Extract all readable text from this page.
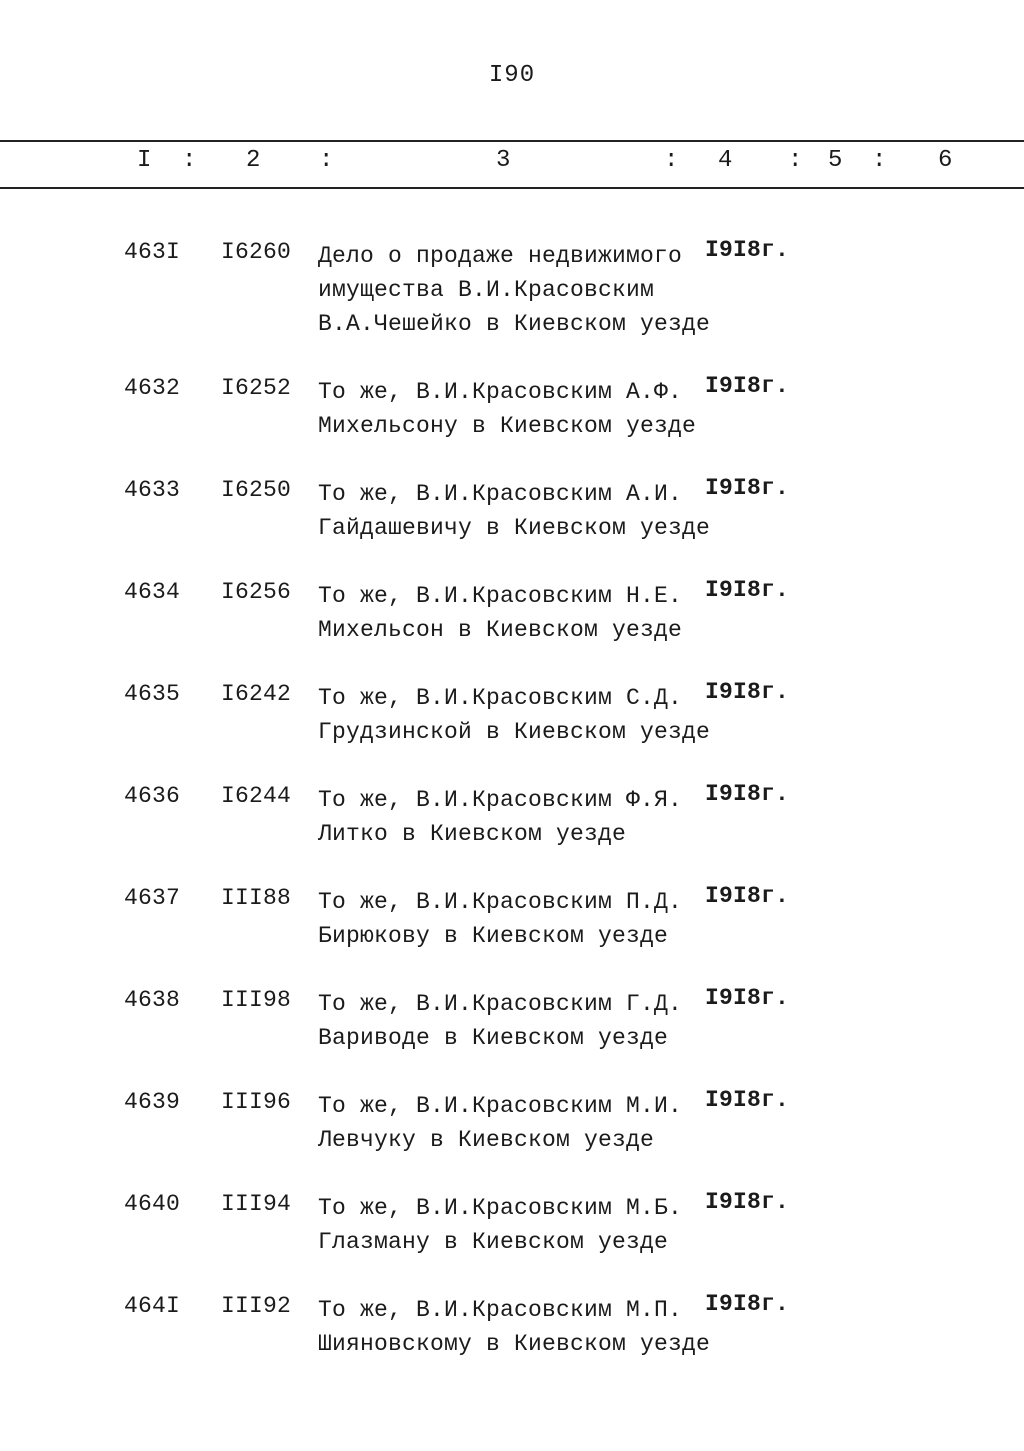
I90
I : 2 :	3	: 4 : 5 : 6
463I I6260 Дело о продаже недвижимого
имущества В.И.Красовским
В.А.Чешейко в Киевском уезде
I9I8г.
4632 I6252 То же, В.И.Красовским А.Ф.
Михельсону в Киевском уезде
I9I8г.
4633 I6250 То же, В.И.Красовским А.И.
Гайдашевичу в Киевском уезде
I9I8г.
4634 I6256 То же, В.И.Красовским Н.Е.
Михельсон в Киевском уезде
I9I8г.
4635 I6242 То же, В.И.Красовским С.Д.
Грудзинской в Киевском уезде
I9I8г.
4636 I6244 То же, В.И.Красовским Ф.Я.
Литко в Киевском уезде
I9I8г.
4637 III88 То же, В.И.Красовским П.Д.
Бирюкову в Киевском уезде
I9I8г.
4638 III98 То же, В.И.Красовским Г.Д.
Вариводе в Киевском уезде
I9I8г.
4639 III96 То же, В.И.Красовским М.И.
Левчуку в Киевском уезде
I9I8г.
4640 III94 То же, В.И.Красовским М.Б.
Глазману в Киевском уезде
I9I8г.
464I III92 То же, В.И.Красовским М.П.
Шияновскому в Киевском уезде
I9I8г.
